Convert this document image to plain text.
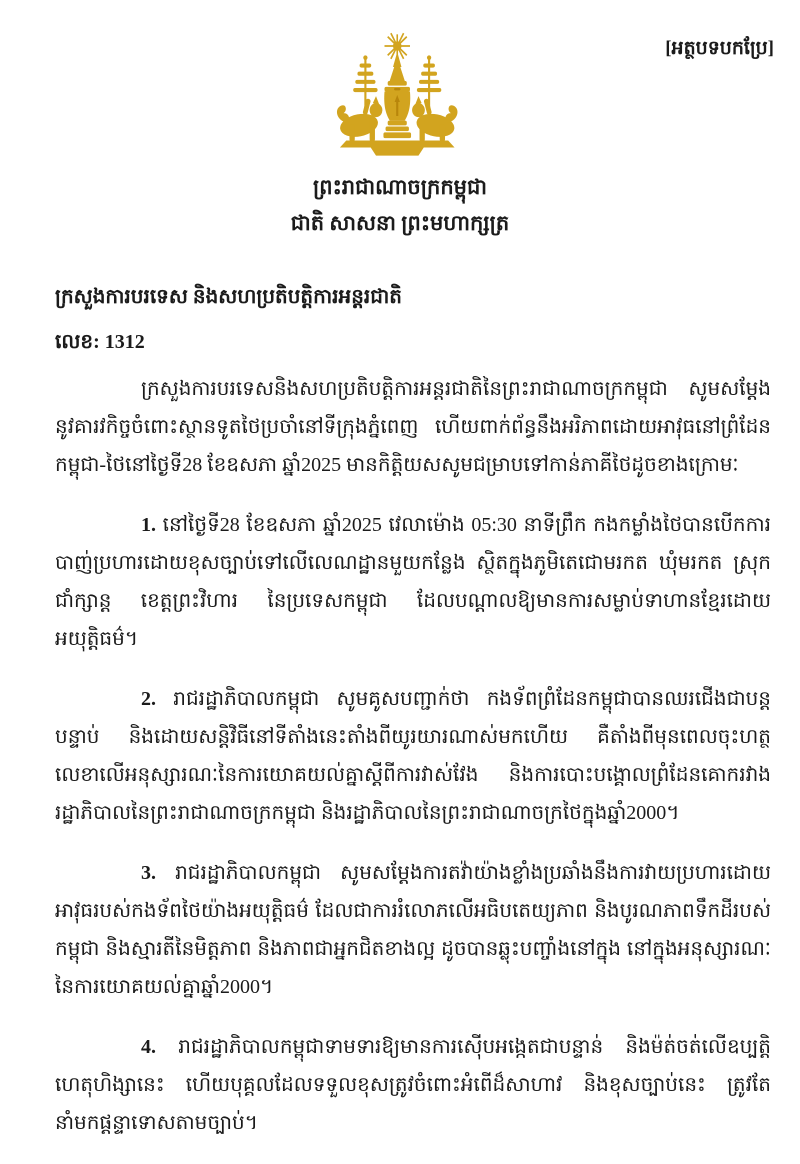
[អត្ថបទបកប្រែ]
ព្រះរាជាណាចក្រកម្ពុជា
ជាតិ សាសនា ព្រះមហាក្សត្រ
ក្រសួងការបរទេស និងសហប្រតិបត្តិការអន្តរជាតិ
លេខ: 1312

ក្រសួងការបរទេសនិងសហប្រតិបត្តិការអន្តរជាតិនៃព្រះរាជាណាចក្រកម្ពុជា សូមសម្តែងនូវគារវកិច្ចចំពោះស្ថានទូតថៃប្រចាំនៅទីក្រុងភ្នំពេញ ហើយពាក់ព័ន្ធនឹងអរិភាពដោយអាវុធនៅព្រំដែនកម្ពុជា-ថៃនៅថ្ងៃទី28 ខែឧសភា ឆ្នាំ2025 មានកិត្តិយសសូមជម្រាបទៅកាន់ភាគីថៃដូចខាងក្រោមៈ

1. នៅថ្ងៃទី28 ខែឧសភា ឆ្នាំ2025 វេលាម៉ោង 05:30 នាទីព្រឹក កងកម្លាំងថៃបានបើកការបាញ់ប្រហារដោយខុសច្បាប់ទៅលើលេណដ្ឋានមួយកន្លែង ស្ថិតក្នុងភូមិតេជោមរកត ឃុំមរកត ស្រុកជាំក្សាន្ត ខេត្តព្រះវិហារ នៃប្រទេសកម្ពុជា ដែលបណ្តាលឱ្យមានការសម្លាប់ទាហានខ្មែរដោយអយុត្តិធម៌។

2. រាជរដ្ឋាភិបាលកម្ពុជា សូមគូសបញ្ជាក់ថា កងទ័ពព្រំដែនកម្ពុជាបានឈរជើងជាបន្តបន្ទាប់ និងដោយសន្តិវិធីនៅទីតាំងនេះតាំងពីយូរយារណាស់មកហើយ គឺតាំងពីមុនពេលចុះហត្ថលេខាលើអនុស្សារណៈនៃការយោគយល់គ្នាស្តីពីការវាស់វែង និងការបោះបង្គោលព្រំដែនគោករវាងរដ្ឋាភិបាលនៃព្រះរាជាណាចក្រកម្ពុជា និងរដ្ឋាភិបាលនៃព្រះរាជាណាចក្រថៃក្នុងឆ្នាំ2000។

3. រាជរដ្ឋាភិបាលកម្ពុជា សូមសម្តែងការតវ៉ាយ៉ាងខ្លាំងប្រឆាំងនឹងការវាយប្រហារដោយអាវុធរបស់កងទ័ពថៃយ៉ាងអយុត្តិធម៌ ដែលជាការរំលោភលើអធិបតេយ្យភាព និងបូរណភាពទឹកដីរបស់កម្ពុជា និងស្មារតីនៃមិត្តភាព និងភាពជាអ្នកជិតខាងល្អ ដូចបានឆ្លុះបញ្ចាំងនៅក្នុង នៅក្នុងអនុស្សារណៈនៃការយោគយល់គ្នាឆ្នាំ2000។

4. រាជរដ្ឋាភិបាលកម្ពុជាទាមទារឱ្យមានការស៊ើបអង្កេតជាបន្ទាន់ និងម៉ត់ចត់លើឧប្បត្តិហេតុហិង្សានេះ ហើយបុគ្គលដែលទទួលខុសត្រូវចំពោះអំពើដ៏សាហាវ និងខុសច្បាប់នេះ ត្រូវតែនាំមកផ្តន្ទាទោសតាមច្បាប់។
